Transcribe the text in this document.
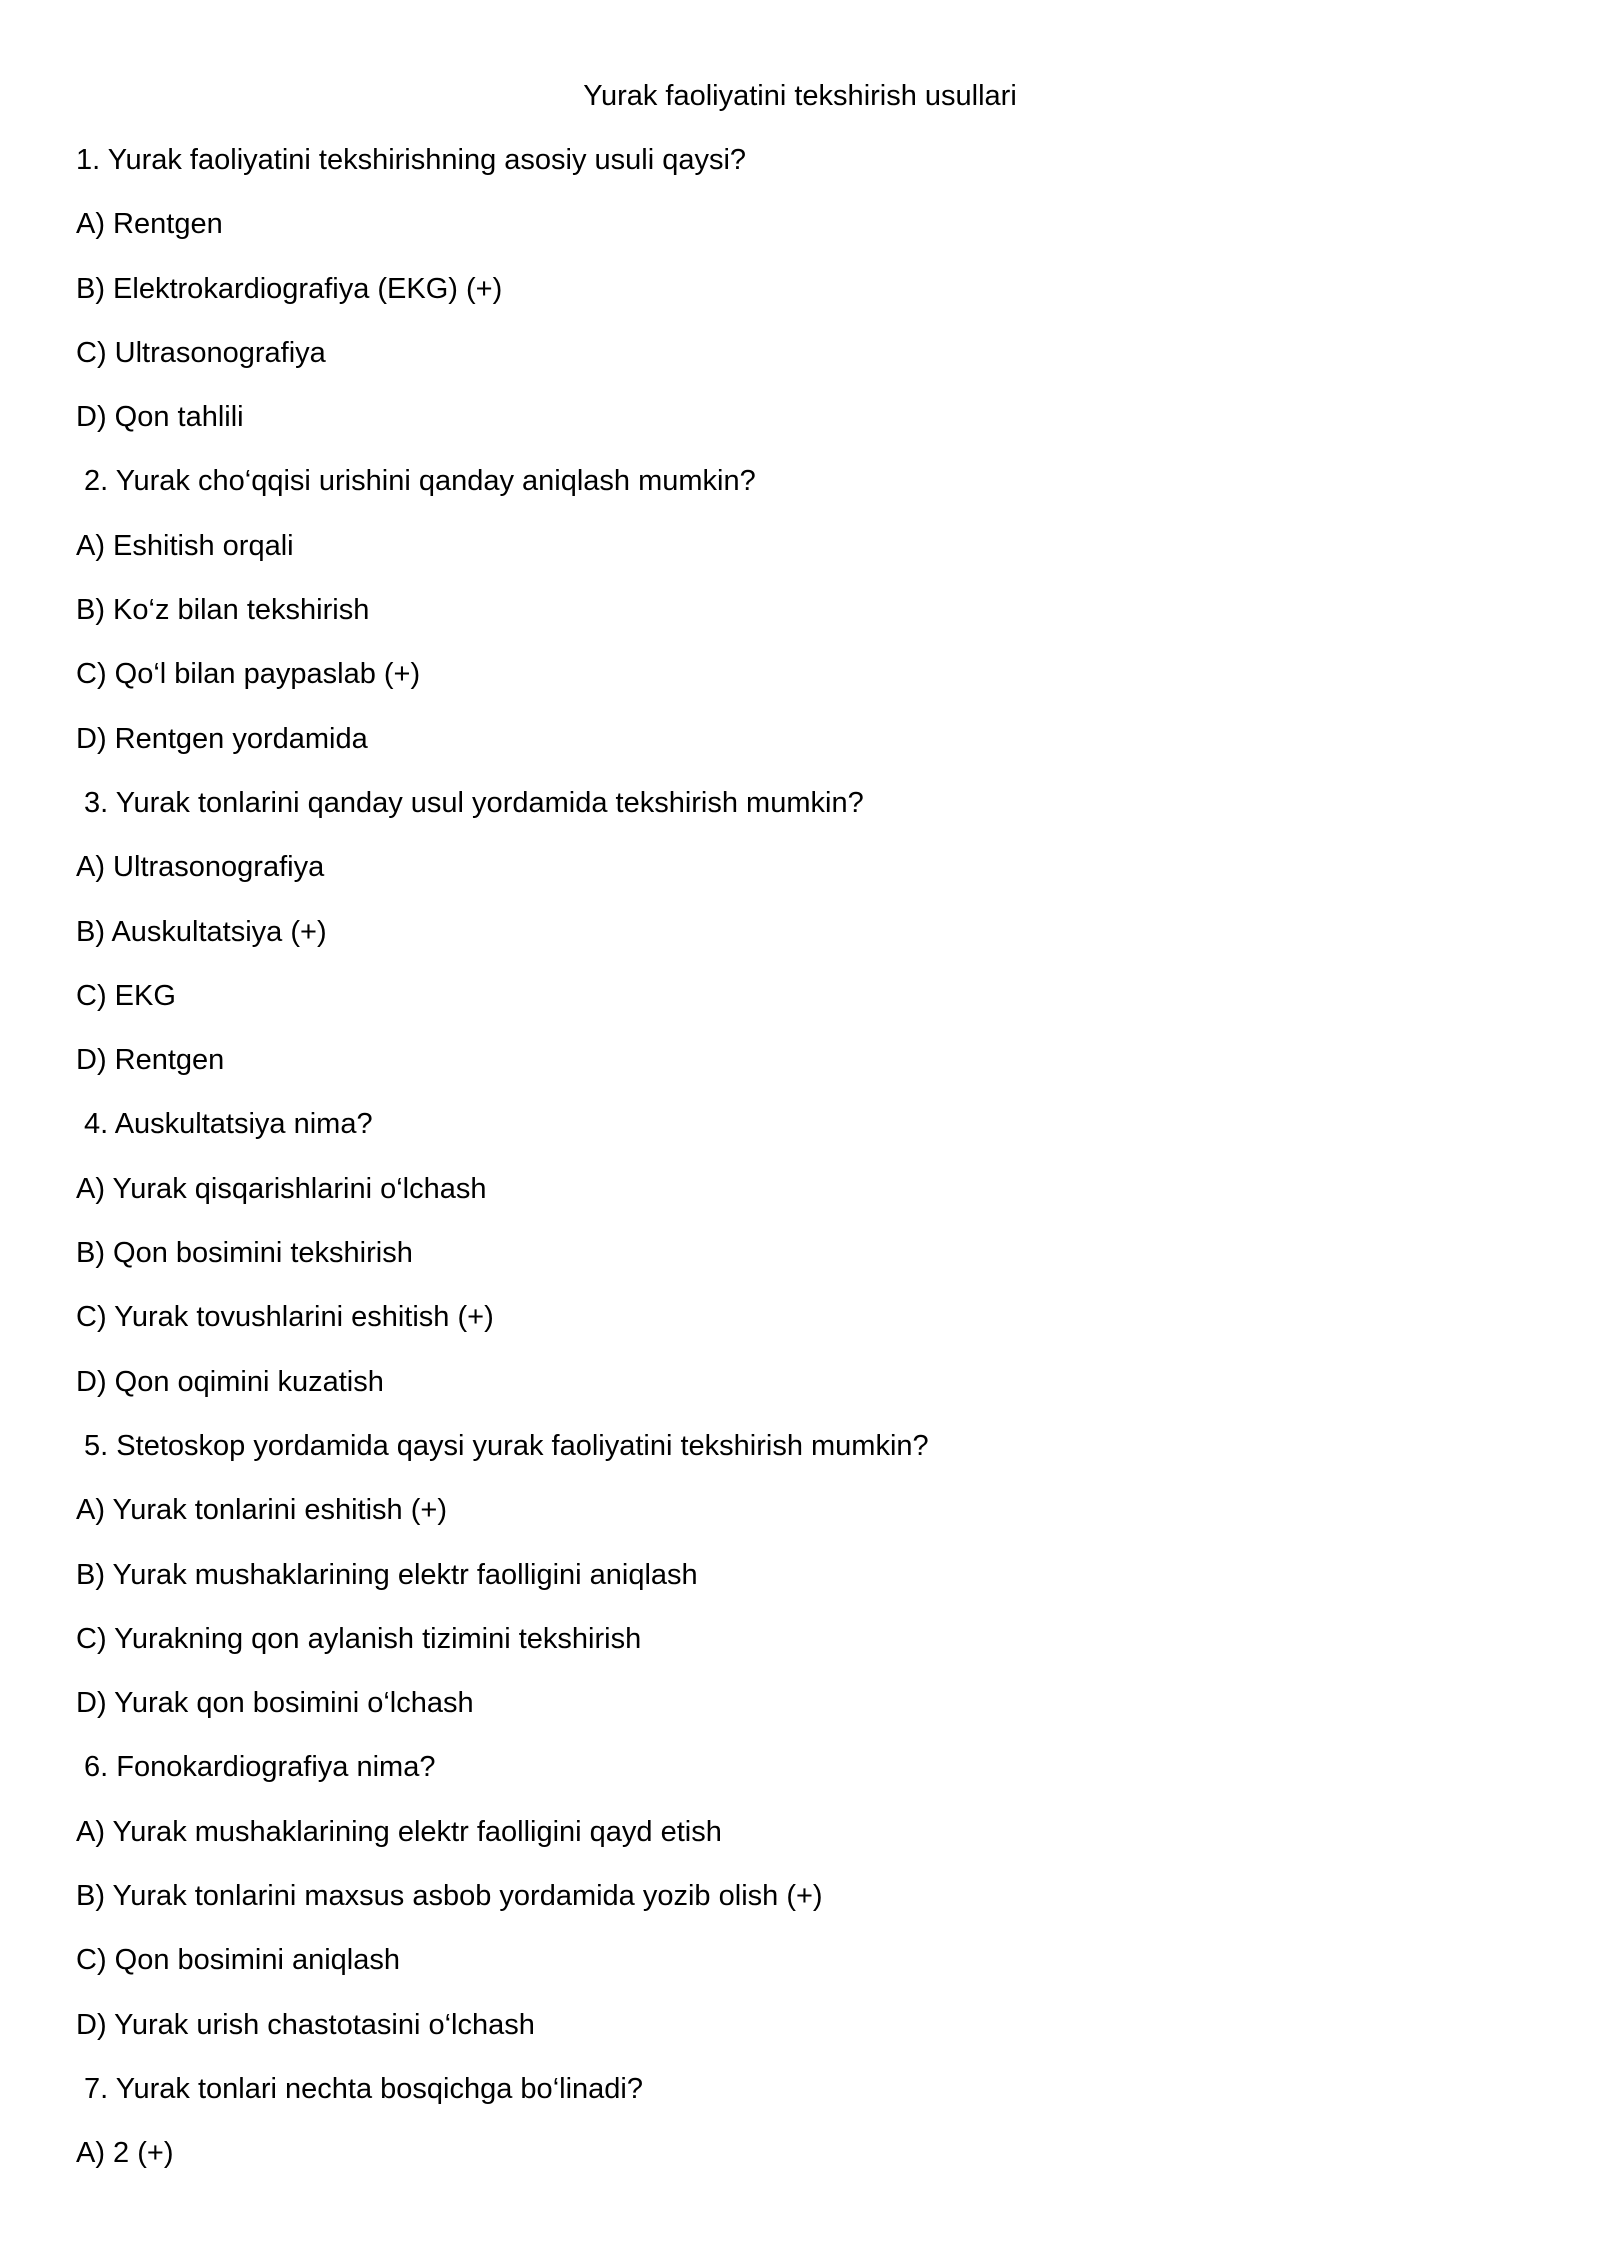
Yurak faoliyatini tekshirish usullari
1. Yurak faoliyatini tekshirishning asosiy usuli qaysi?
A) Rentgen
B) Elektrokardiografiya (EKG) (+)
C) Ultrasonografiya
D) Qon tahlili
2. Yurak cho‘qqisi urishini qanday aniqlash mumkin?
A) Eshitish orqali
B) Ko‘z bilan tekshirish
C) Qo‘l bilan paypaslab (+)
D) Rentgen yordamida
3. Yurak tonlarini qanday usul yordamida tekshirish mumkin?
A) Ultrasonografiya
B) Auskultatsiya (+)
C) EKG
D) Rentgen
4. Auskultatsiya nima?
A) Yurak qisqarishlarini o‘lchash
B) Qon bosimini tekshirish
C) Yurak tovushlarini eshitish (+)
D) Qon oqimini kuzatish
5. Stetoskop yordamida qaysi yurak faoliyatini tekshirish mumkin?
A) Yurak tonlarini eshitish (+)
B) Yurak mushaklarining elektr faolligini aniqlash
C) Yurakning qon aylanish tizimini tekshirish
D) Yurak qon bosimini o‘lchash
6. Fonokardiografiya nima?
A) Yurak mushaklarining elektr faolligini qayd etish
B) Yurak tonlarini maxsus asbob yordamida yozib olish (+)
C) Qon bosimini aniqlash
D) Yurak urish chastotasini o‘lchash
7. Yurak tonlari nechta bosqichga bo‘linadi?
A) 2 (+)
